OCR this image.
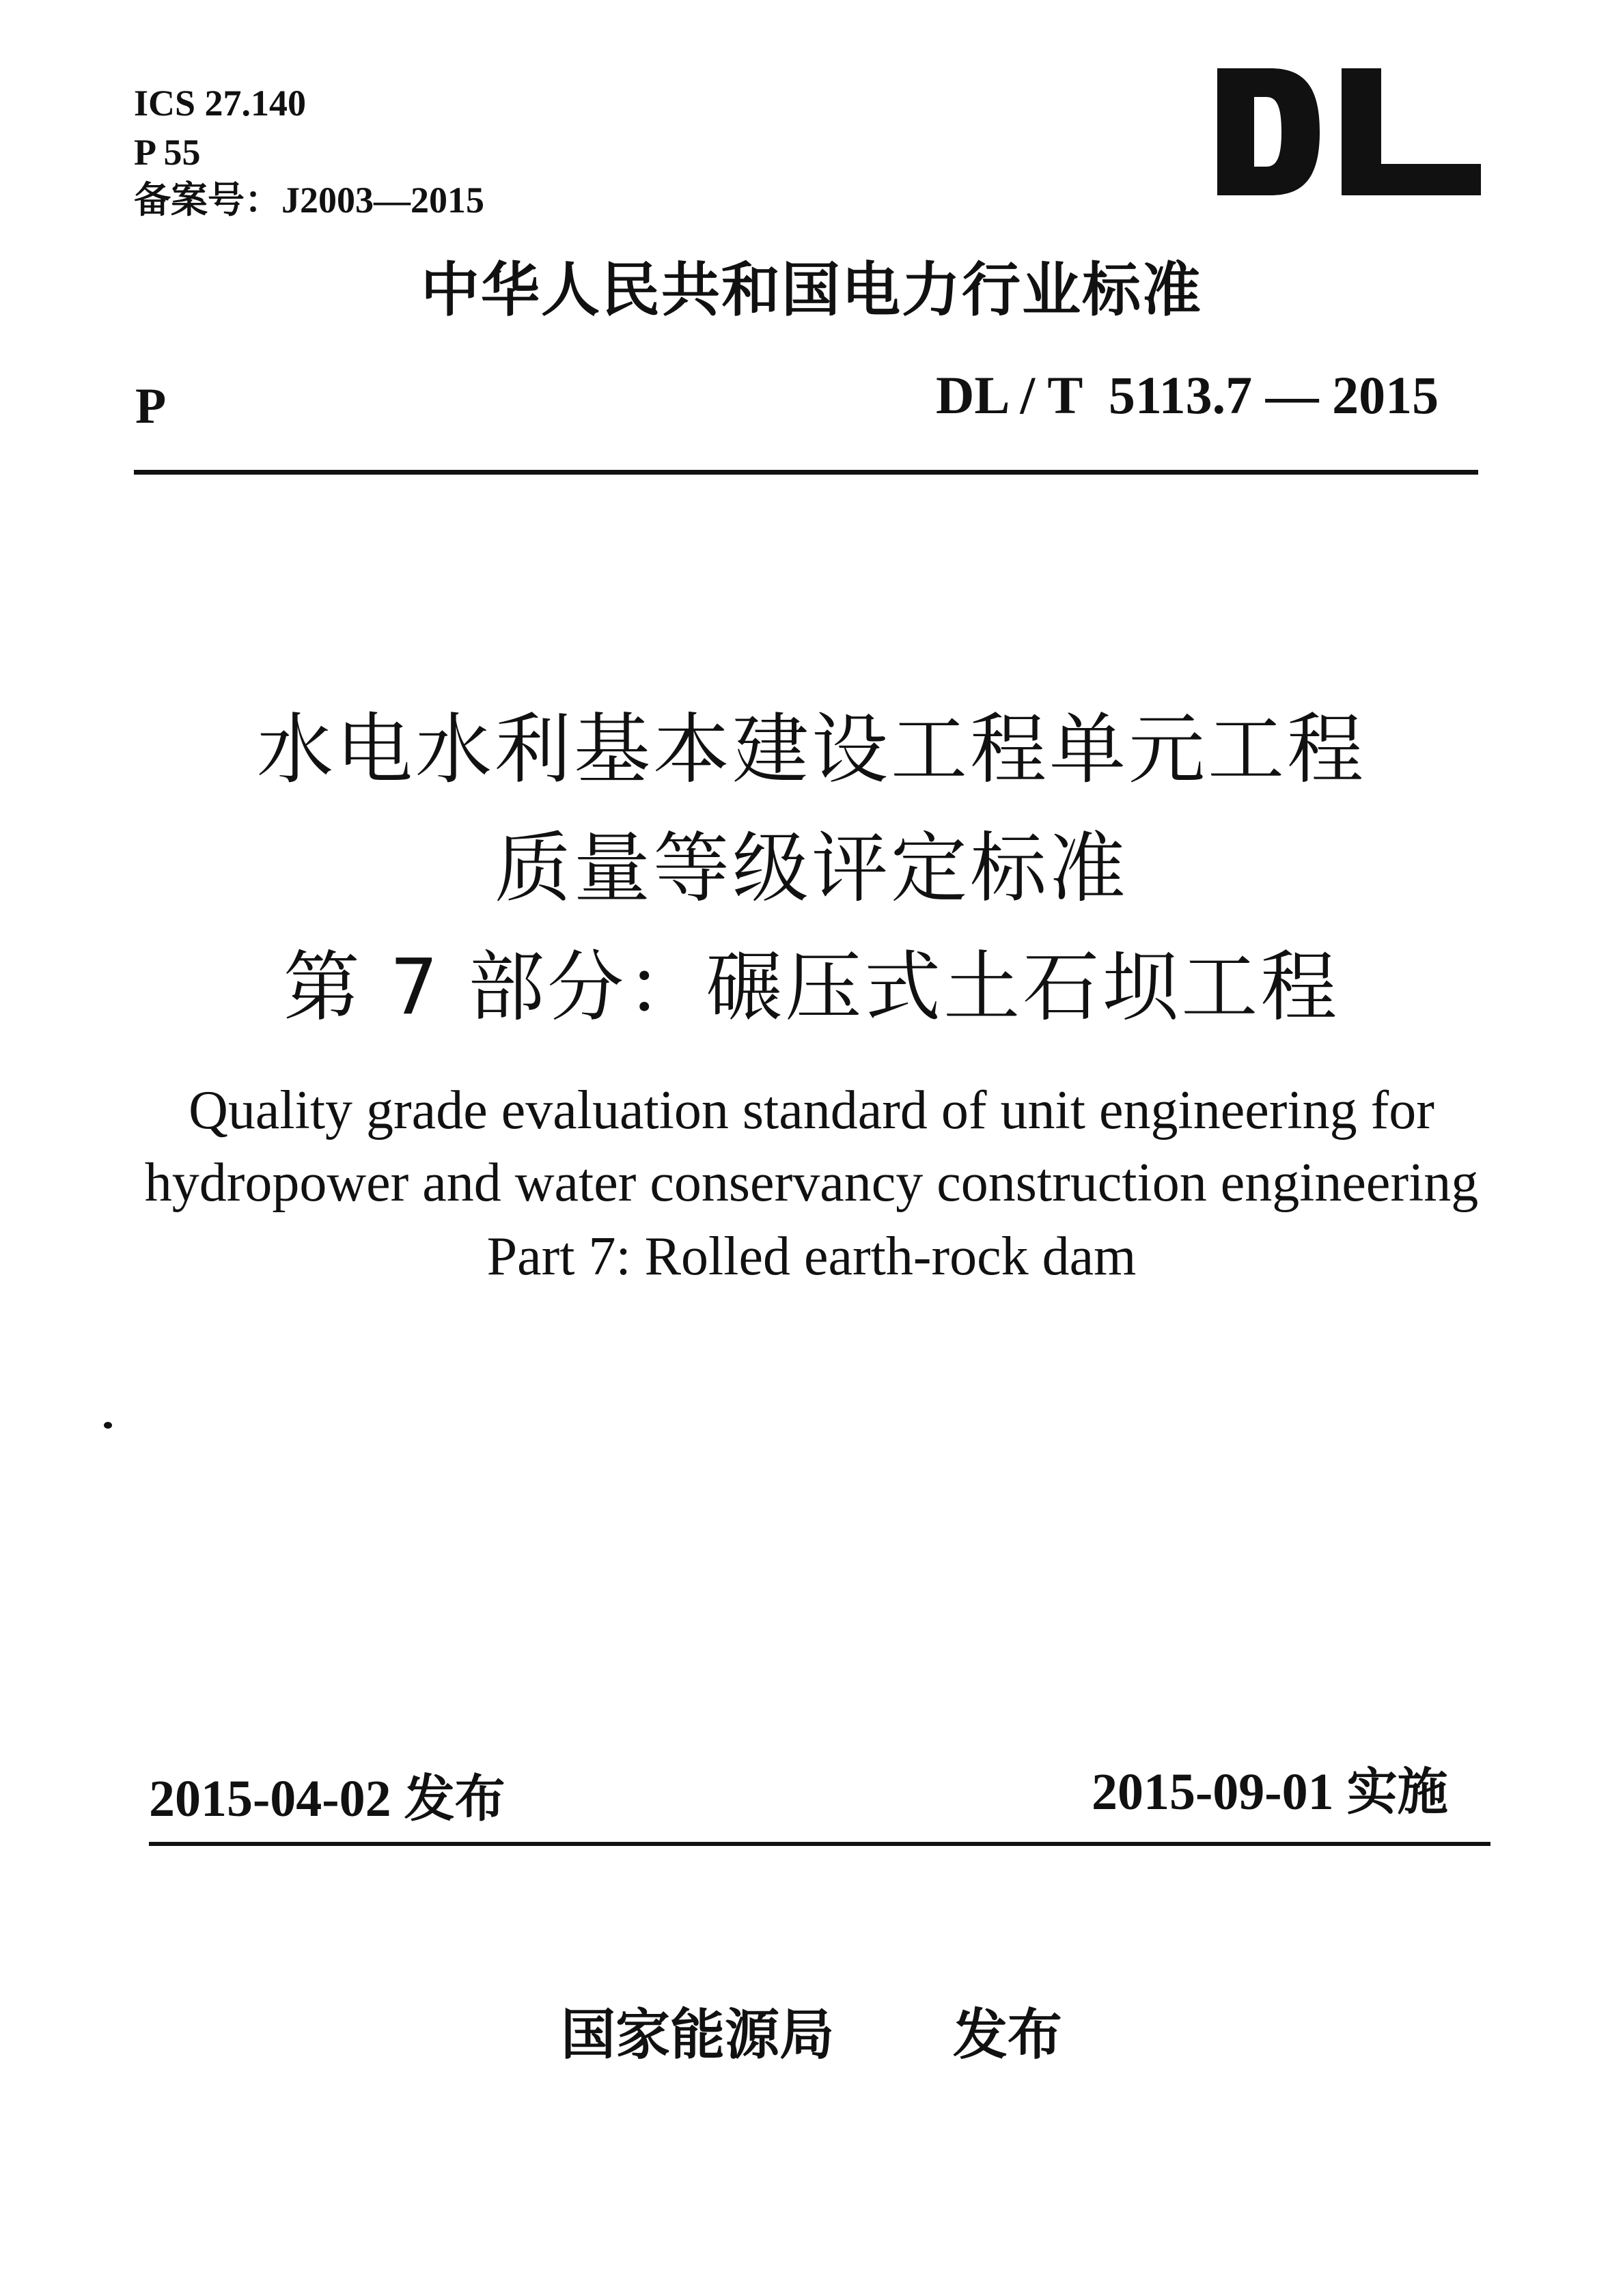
ICS 27.140
P 55
备案号：J2003—2015
中华人民共和国电力行业标准
P	DL / T  5113.7 — 2015
水电水利基本建设工程单元工程
质量等级评定标准
第 7 部分：碾压式土石坝工程
Quality grade evaluation standard of unit engineering for
hydropower and water conservancy construction engineering
Part 7: Rolled earth-rock dam
2015-04-02 发布	2015-09-01 实施
国家能源局 发布
